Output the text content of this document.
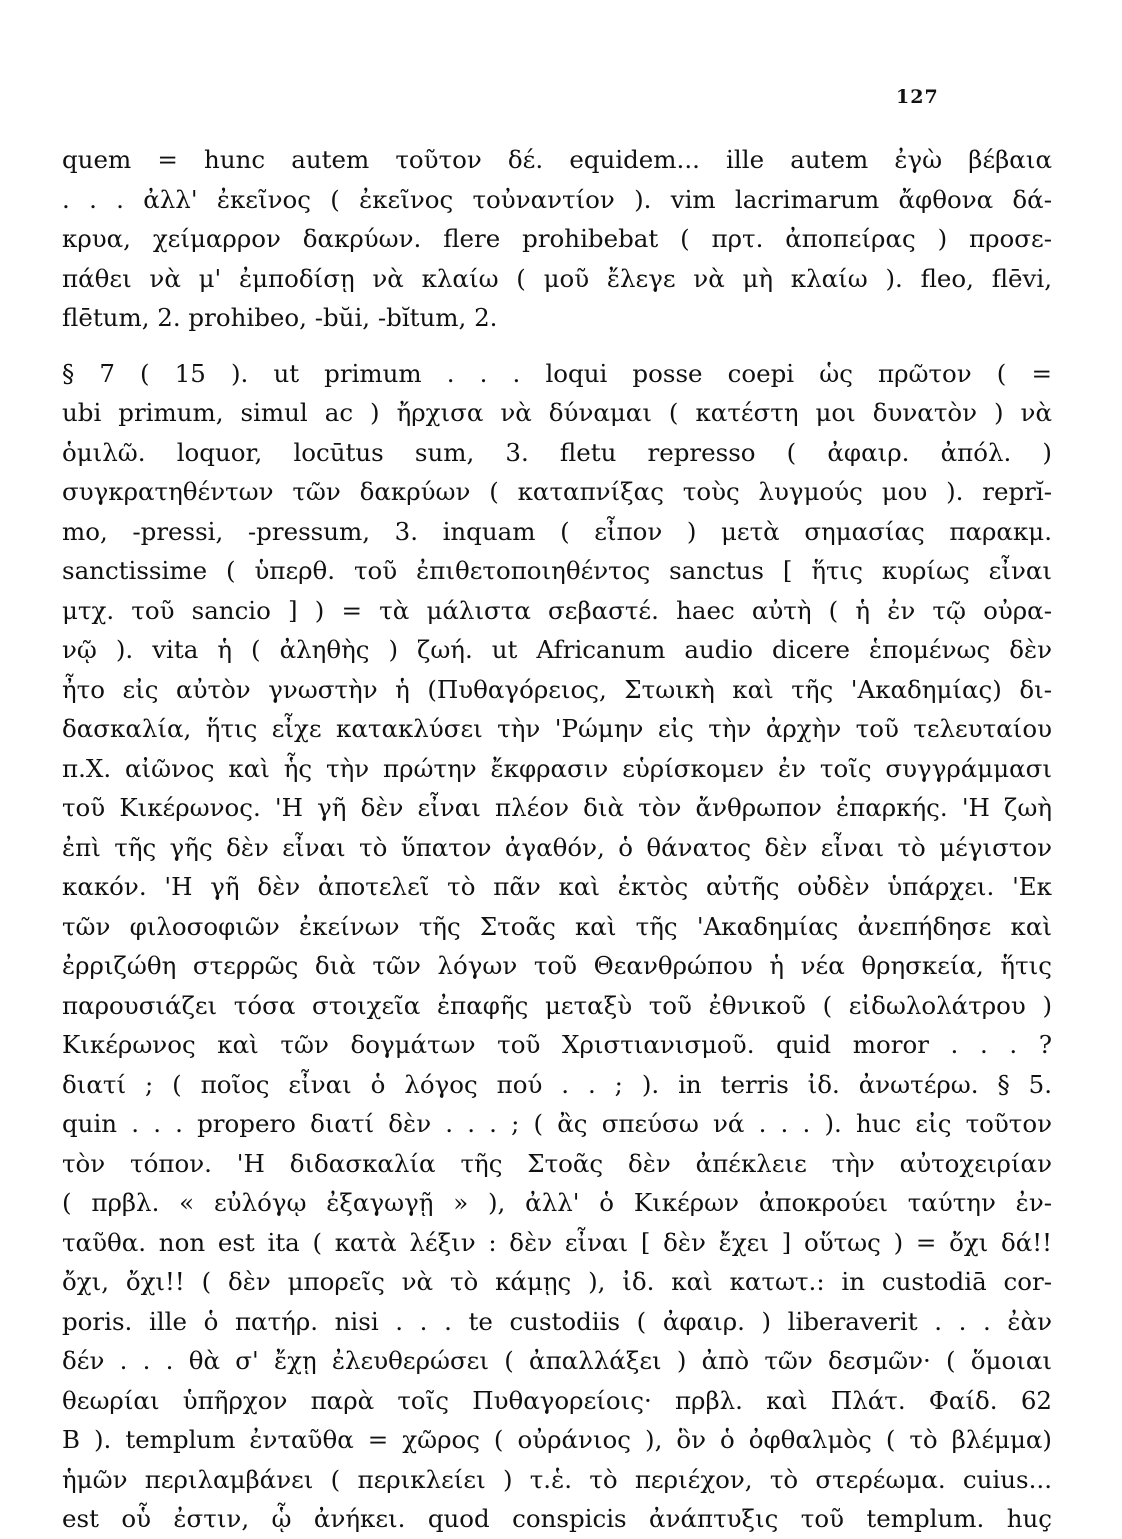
127
quem = hunc autem τοῦτον δέ. equidem... ille autem ἐγὼ βέβαια
. . . ἀλλ' ἐκεῖνος ( ἐκεῖνος τοὐναντίον ). vim lacrimarum ἄφθονα δά-
κρυα, χείμαρρον δακρύων. flere prohibebat ( πρτ. ἀποπείρας ) προσε-
πάθει νὰ μ' ἐμποδίσῃ νὰ κλαίω ( μοῦ ἔλεγε νὰ μὴ κλαίω ). fleo, flēvi,
flētum, 2. prohibeo, -bŭi, -bĭtum, 2.
§ 7 ( 15 ). ut primum . . . loqui posse coepi ὡς πρῶτον ( =
ubi primum, simul ac ) ἤρχισα νὰ δύναμαι ( κατέστη μοι δυνατὸν ) νὰ
ὁμιλῶ. loquor, locūtus sum, 3. fletu represso ( ἀφαιρ. ἀπόλ. )
συγκρατηθέντων τῶν δακρύων ( καταπνίξας τοὺς λυγμούς μου ). reprĭ-
mo, -pressi, -pressum, 3. inquam ( εἶπον ) μετὰ σημασίας παρακμ.
sanctissime ( ὑπερθ. τοῦ ἐπιθετοποιηθέντος sanctus [ ἥτις κυρίως εἶναι
μτχ. τοῦ sancio ] ) = τὰ μάλιστα σεβαστέ. haec αὐτὴ ( ἡ ἐν τῷ οὐρα-
νῷ ). vita ἡ ( ἀληθὴς ) ζωή. ut Africanum audio dicere ἑπομένως δὲν
ἦτο εἰς αὐτὸν γνωστὴν ἡ (Πυθαγόρειος, Στωικὴ καὶ τῆς 'Ακαδημίας) δι-
δασκαλία, ἥτις εἶχε κατακλύσει τὴν 'Ρώμην εἰς τὴν ἀρχὴν τοῦ τελευταίου
π.Χ. αἰῶνος καὶ ἧς τὴν πρώτην ἔκφρασιν εὑρίσκομεν ἐν τοῖς συγγράμμασι
τοῦ Κικέρωνος. 'Η γῆ δὲν εἶναι πλέον διὰ τὸν ἄνθρωπον ἐπαρκής. 'Η ζωὴ
ἐπὶ τῆς γῆς δὲν εἶναι τὸ ὕπατον ἀγαθόν, ὁ θάνατος δὲν εἶναι τὸ μέγιστον
κακόν. 'Η γῆ δὲν ἀποτελεῖ τὸ πᾶν καὶ ἐκτὸς αὐτῆς οὐδὲν ὑπάρχει. 'Εκ
τῶν φιλοσοφιῶν ἐκείνων τῆς Στοᾶς καὶ τῆς 'Ακαδημίας ἀνεπήδησε καὶ
ἐρριζώθη στερρῶς διὰ τῶν λόγων τοῦ Θεανθρώπου ἡ νέα θρησκεία, ἥτις
παρουσιάζει τόσα στοιχεῖα ἐπαφῆς μεταξὺ τοῦ ἐθνικοῦ ( εἰδωλολάτρου )
Κικέρωνος καὶ τῶν δογμάτων τοῦ Χριστιανισμοῦ. quid moror . . . ?
διατί ; ( ποῖος εἶναι ὁ λόγος πού . . ; ). in terris ἰδ. ἀνωτέρω. § 5.
quin . . . propero διατί δὲν . . . ; ( ἂς σπεύσω νά . . . ). huc εἰς τοῦτον
τὸν τόπον. 'Η διδασκαλία τῆς Στοᾶς δὲν ἀπέκλειε τὴν αὐτοχειρίαν
( πρβλ. « εὐλόγῳ ἐξαγωγῇ » ), ἀλλ' ὁ Κικέρων ἀποκρούει ταύτην ἐν-
ταῦθα. non est ita ( κατὰ λέξιν : δὲν εἶναι [ δὲν ἔχει ] οὕτως ) = ὄχι δά!!
ὄχι, ὄχι!! ( δὲν μπορεῖς νὰ τὸ κάμῃς ), ἰδ. καὶ κατωτ.: in custodiā cor-
poris. ille ὁ πατήρ. nisi . . . te custodiis ( ἀφαιρ. ) liberaverit . . . ἐὰν
δέν . . . θὰ σ' ἔχῃ ἐλευθερώσει ( ἀπαλλάξει ) ἀπὸ τῶν δεσμῶν· ( ὅμοιαι
θεωρίαι ὑπῆρχον παρὰ τοῖς Πυθαγορείοις· πρβλ. καὶ Πλάτ. Φαίδ. 62
B ). templum ἐνταῦθα = χῶρος ( οὐράνιος ), ὃν ὁ ὀφθαλμὸς ( τὸ βλέμμα)
ἡμῶν περιλαμβάνει ( περικλείει ) τ.ἑ. τὸ περιέχον, τὸ στερέωμα. cuius...
est οὗ ἐστιν, ᾧ ἀνήκει. quod conspicis ἀνάπτυξις τοῦ templum. huç
